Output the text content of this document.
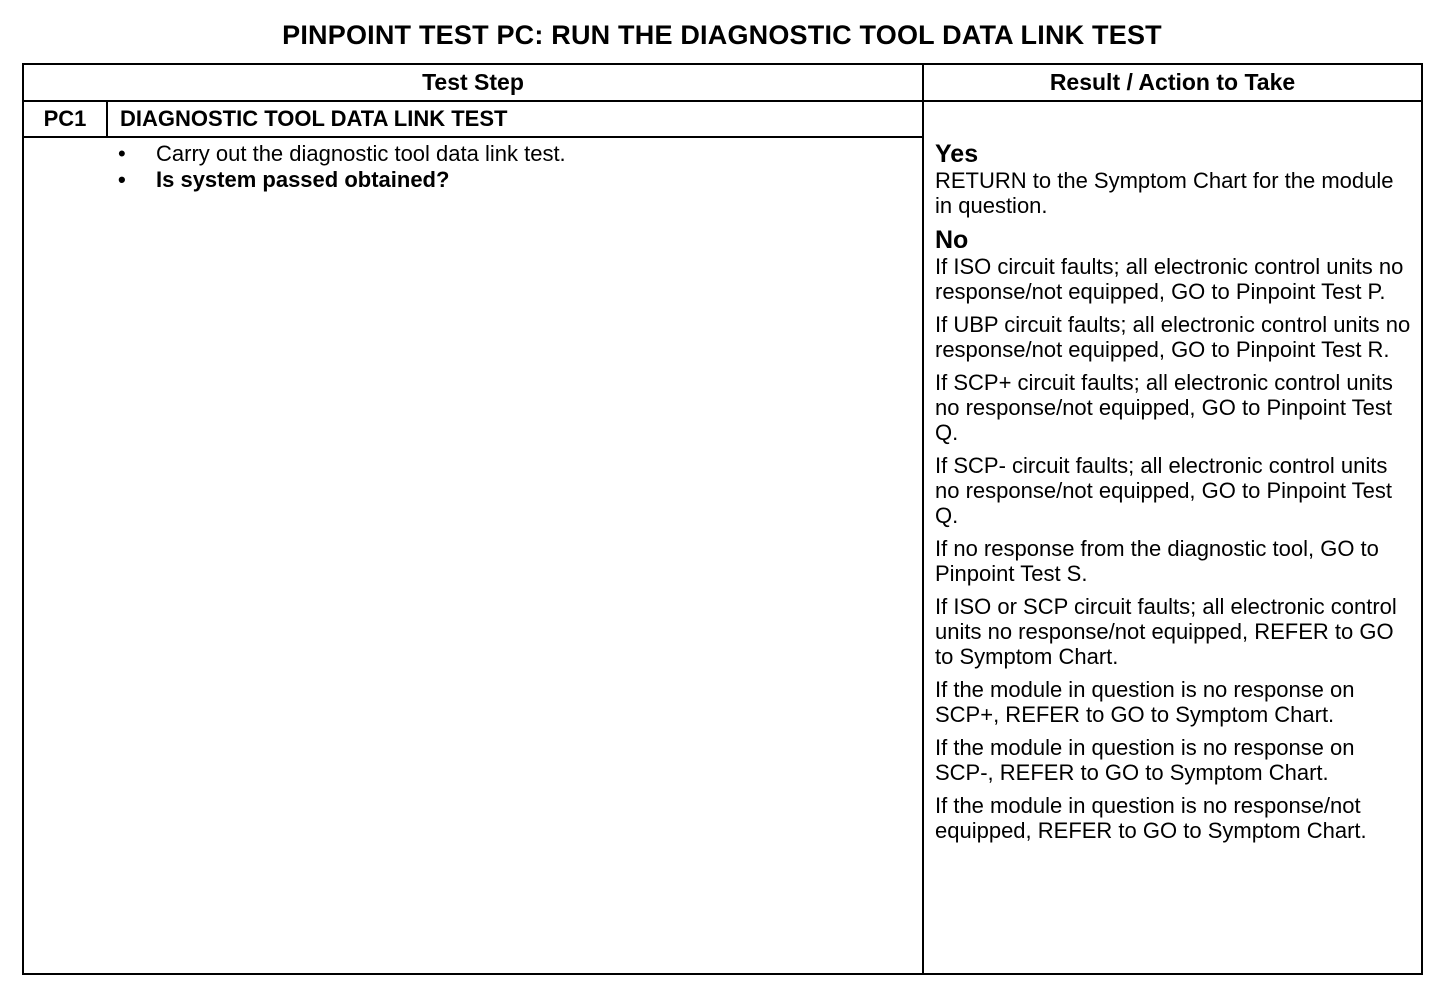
PINPOINT TEST PC: RUN THE DIAGNOSTIC TOOL DATA LINK TEST
Test Step	Result / Action to Take
PC1	DIAGNOSTIC TOOL DATA LINK TEST
• Carry out the diagnostic tool data link test.
• Is system passed obtained?
Yes
RETURN to the Symptom Chart for the module in question.
No
If ISO circuit faults; all electronic control units no response/not equipped, GO to Pinpoint Test P.
If UBP circuit faults; all electronic control units no response/not equipped, GO to Pinpoint Test R.
If SCP+ circuit faults; all electronic control units no response/not equipped, GO to Pinpoint Test Q.
If SCP- circuit faults; all electronic control units no response/not equipped, GO to Pinpoint Test Q.
If no response from the diagnostic tool, GO to Pinpoint Test S.
If ISO or SCP circuit faults; all electronic control units no response/not equipped, REFER to GO to Symptom Chart.
If the module in question is no response on SCP+, REFER to GO to Symptom Chart.
If the module in question is no response on SCP-, REFER to GO to Symptom Chart.
If the module in question is no response/not equipped, REFER to GO to Symptom Chart.
